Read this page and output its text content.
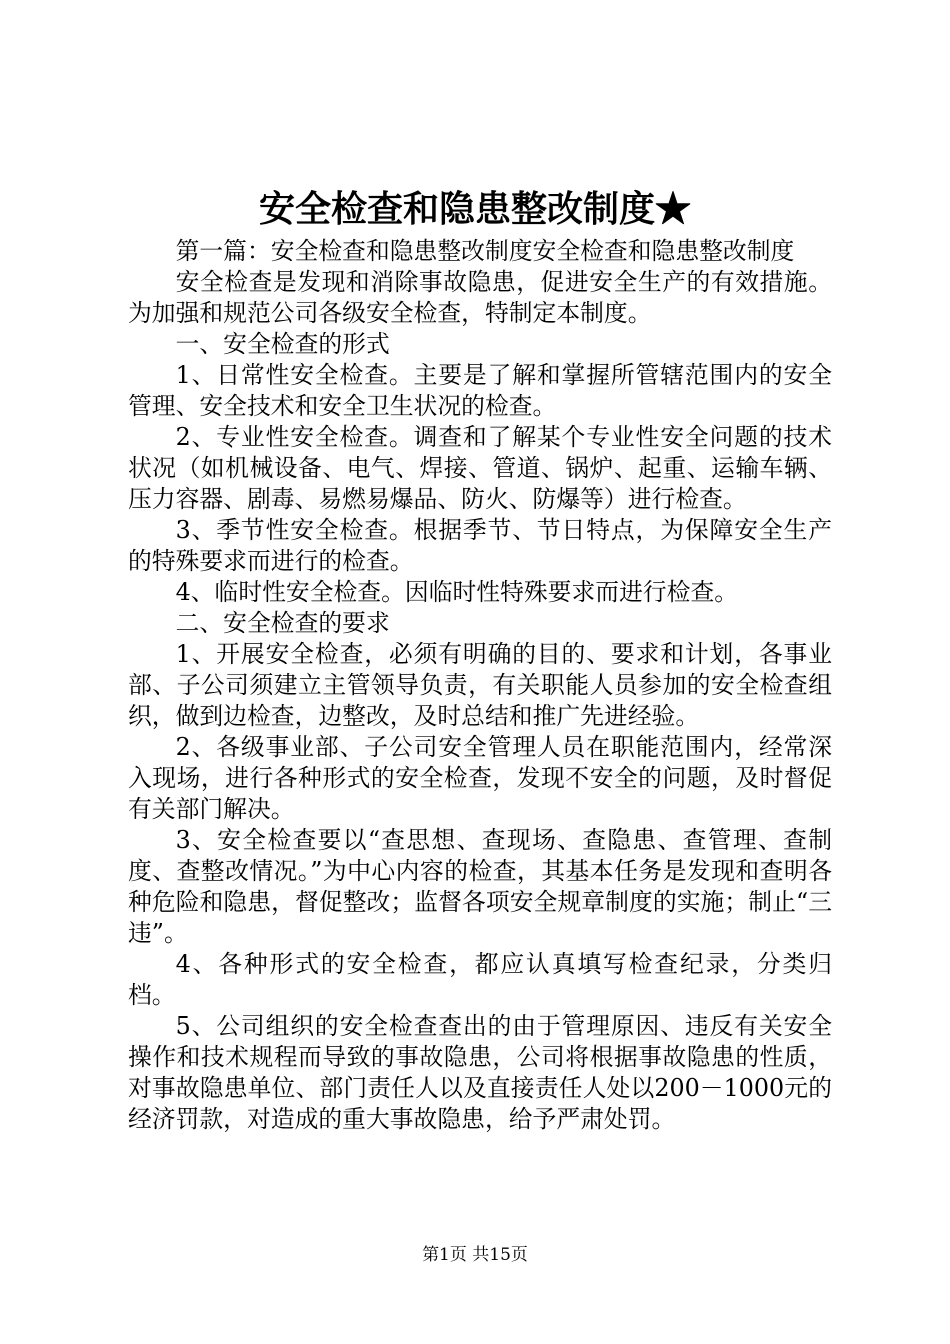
安全检查和隐患整改制度★

第一篇：安全检查和隐患整改制度安全检查和隐患整改制度

安全检查是发现和消除事故隐患，促进安全生产的有效措施。为加强和规范公司各级安全检查，特制定本制度。

一、安全检查的形式

1、日常性安全检查。主要是了解和掌握所管辖范围内的安全管理、安全技术和安全卫生状况的检查。

2、专业性安全检查。调查和了解某个专业性安全问题的技术状况（如机械设备、电气、焊接、管道、锅炉、起重、运输车辆、压力容器、剧毒、易燃易爆品、防火、防爆等）进行检查。

3、季节性安全检查。根据季节、节日特点，为保障安全生产的特殊要求而进行的检查。

4、临时性安全检查。因临时性特殊要求而进行检查。

二、安全检查的要求

1、开展安全检查，必须有明确的目的、要求和计划，各事业部、子公司须建立主管领导负责，有关职能人员参加的安全检查组织，做到边检查，边整改，及时总结和推广先进经验。

2、各级事业部、子公司安全管理人员在职能范围内，经常深入现场，进行各种形式的安全检查，发现不安全的问题，及时督促有关部门解决。

3、安全检查要以“查思想、查现场、查隐患、查管理、查制度、查整改情况。”为中心内容的检查，其基本任务是发现和查明各种危险和隐患，督促整改；监督各项安全规章制度的实施；制止“三违”。

4、各种形式的安全检查，都应认真填写检查纪录，分类归档。

5、公司组织的安全检查查出的由于管理原因、违反有关安全操作和技术规程而导致的事故隐患，公司将根据事故隐患的性质，对事故隐患单位、部门责任人以及直接责任人处以200－1000元的经济罚款，对造成的重大事故隐患，给予严肃处罚。

第1页 共15页
